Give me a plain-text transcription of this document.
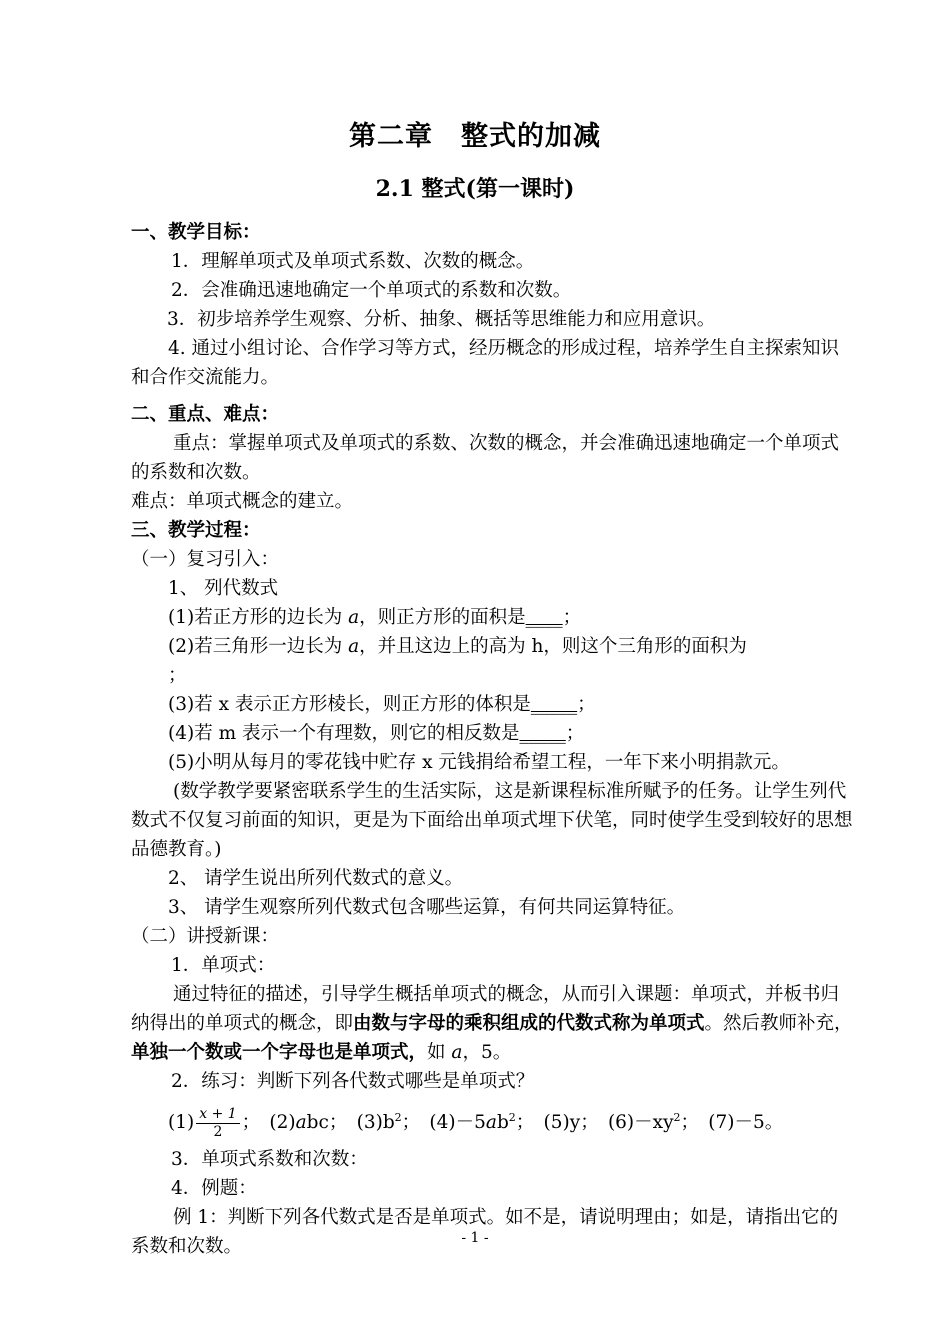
第二章　整式的加减
2.1 整式(第一课时)

一、教学目标：

1．理解单项式及单项式系数、次数的概念。

2．会准确迅速地确定一个单项式的系数和次数。

3．初步培养学生观察、分析、抽象、概括等思维能力和应用意识。

4. 通过小组讨论、合作学习等方式，经历概念的形成过程，培养学生自主探索知识和合作交流能力。

二、重点、难点：

重点：掌握单项式及单项式的系数、次数的概念，并会准确迅速地确定一个单项式的系数和次数。

难点：单项式概念的建立。

三、教学过程：

（一）复习引入：

1、 列代数式

(1)若正方形的边长为 a，则正方形的面积是____；

(2)若三角形一边长为 a，并且这边上的高为 h，则这个三角形的面积为
；

(3)若 x 表示正方形棱长，则正方形的体积是_____；

(4)若 m 表示一个有理数，则它的相反数是_____；

(5)小明从每月的零花钱中贮存 x 元钱捐给希望工程，一年下来小明捐款元。

(数学教学要紧密联系学生的生活实际，这是新课程标准所赋予的任务。让学生列代数式不仅复习前面的知识，更是为下面给出单项式埋下伏笔，同时使学生受到较好的思想品德教育。)

2、 请学生说出所列代数式的意义。

3、 请学生观察所列代数式包含哪些运算，有何共同运算特征。

（二）讲授新课：

1．单项式：

通过特征的描述，引导学生概括单项式的概念，从而引入课题：单项式，并板书归纳得出的单项式的概念，即由数与字母的乘积组成的代数式称为单项式。然后教师补充，单独一个数或一个字母也是单项式，如 a，5。

2．练习：判断下列各代数式哪些是单项式？

$(1) \frac{x + 1}{2}$ ；　(2)abc；　$(3)b^2$；　$(4)-5ab^2$；　(5)y；　$(6)-xy^2$；　(7)－5。

3．单项式系数和次数：

4．例题：

例 1：判断下列各代数式是否是单项式。如不是，请说明理由；如是，请指出它的系数和次数。	- 1 -
